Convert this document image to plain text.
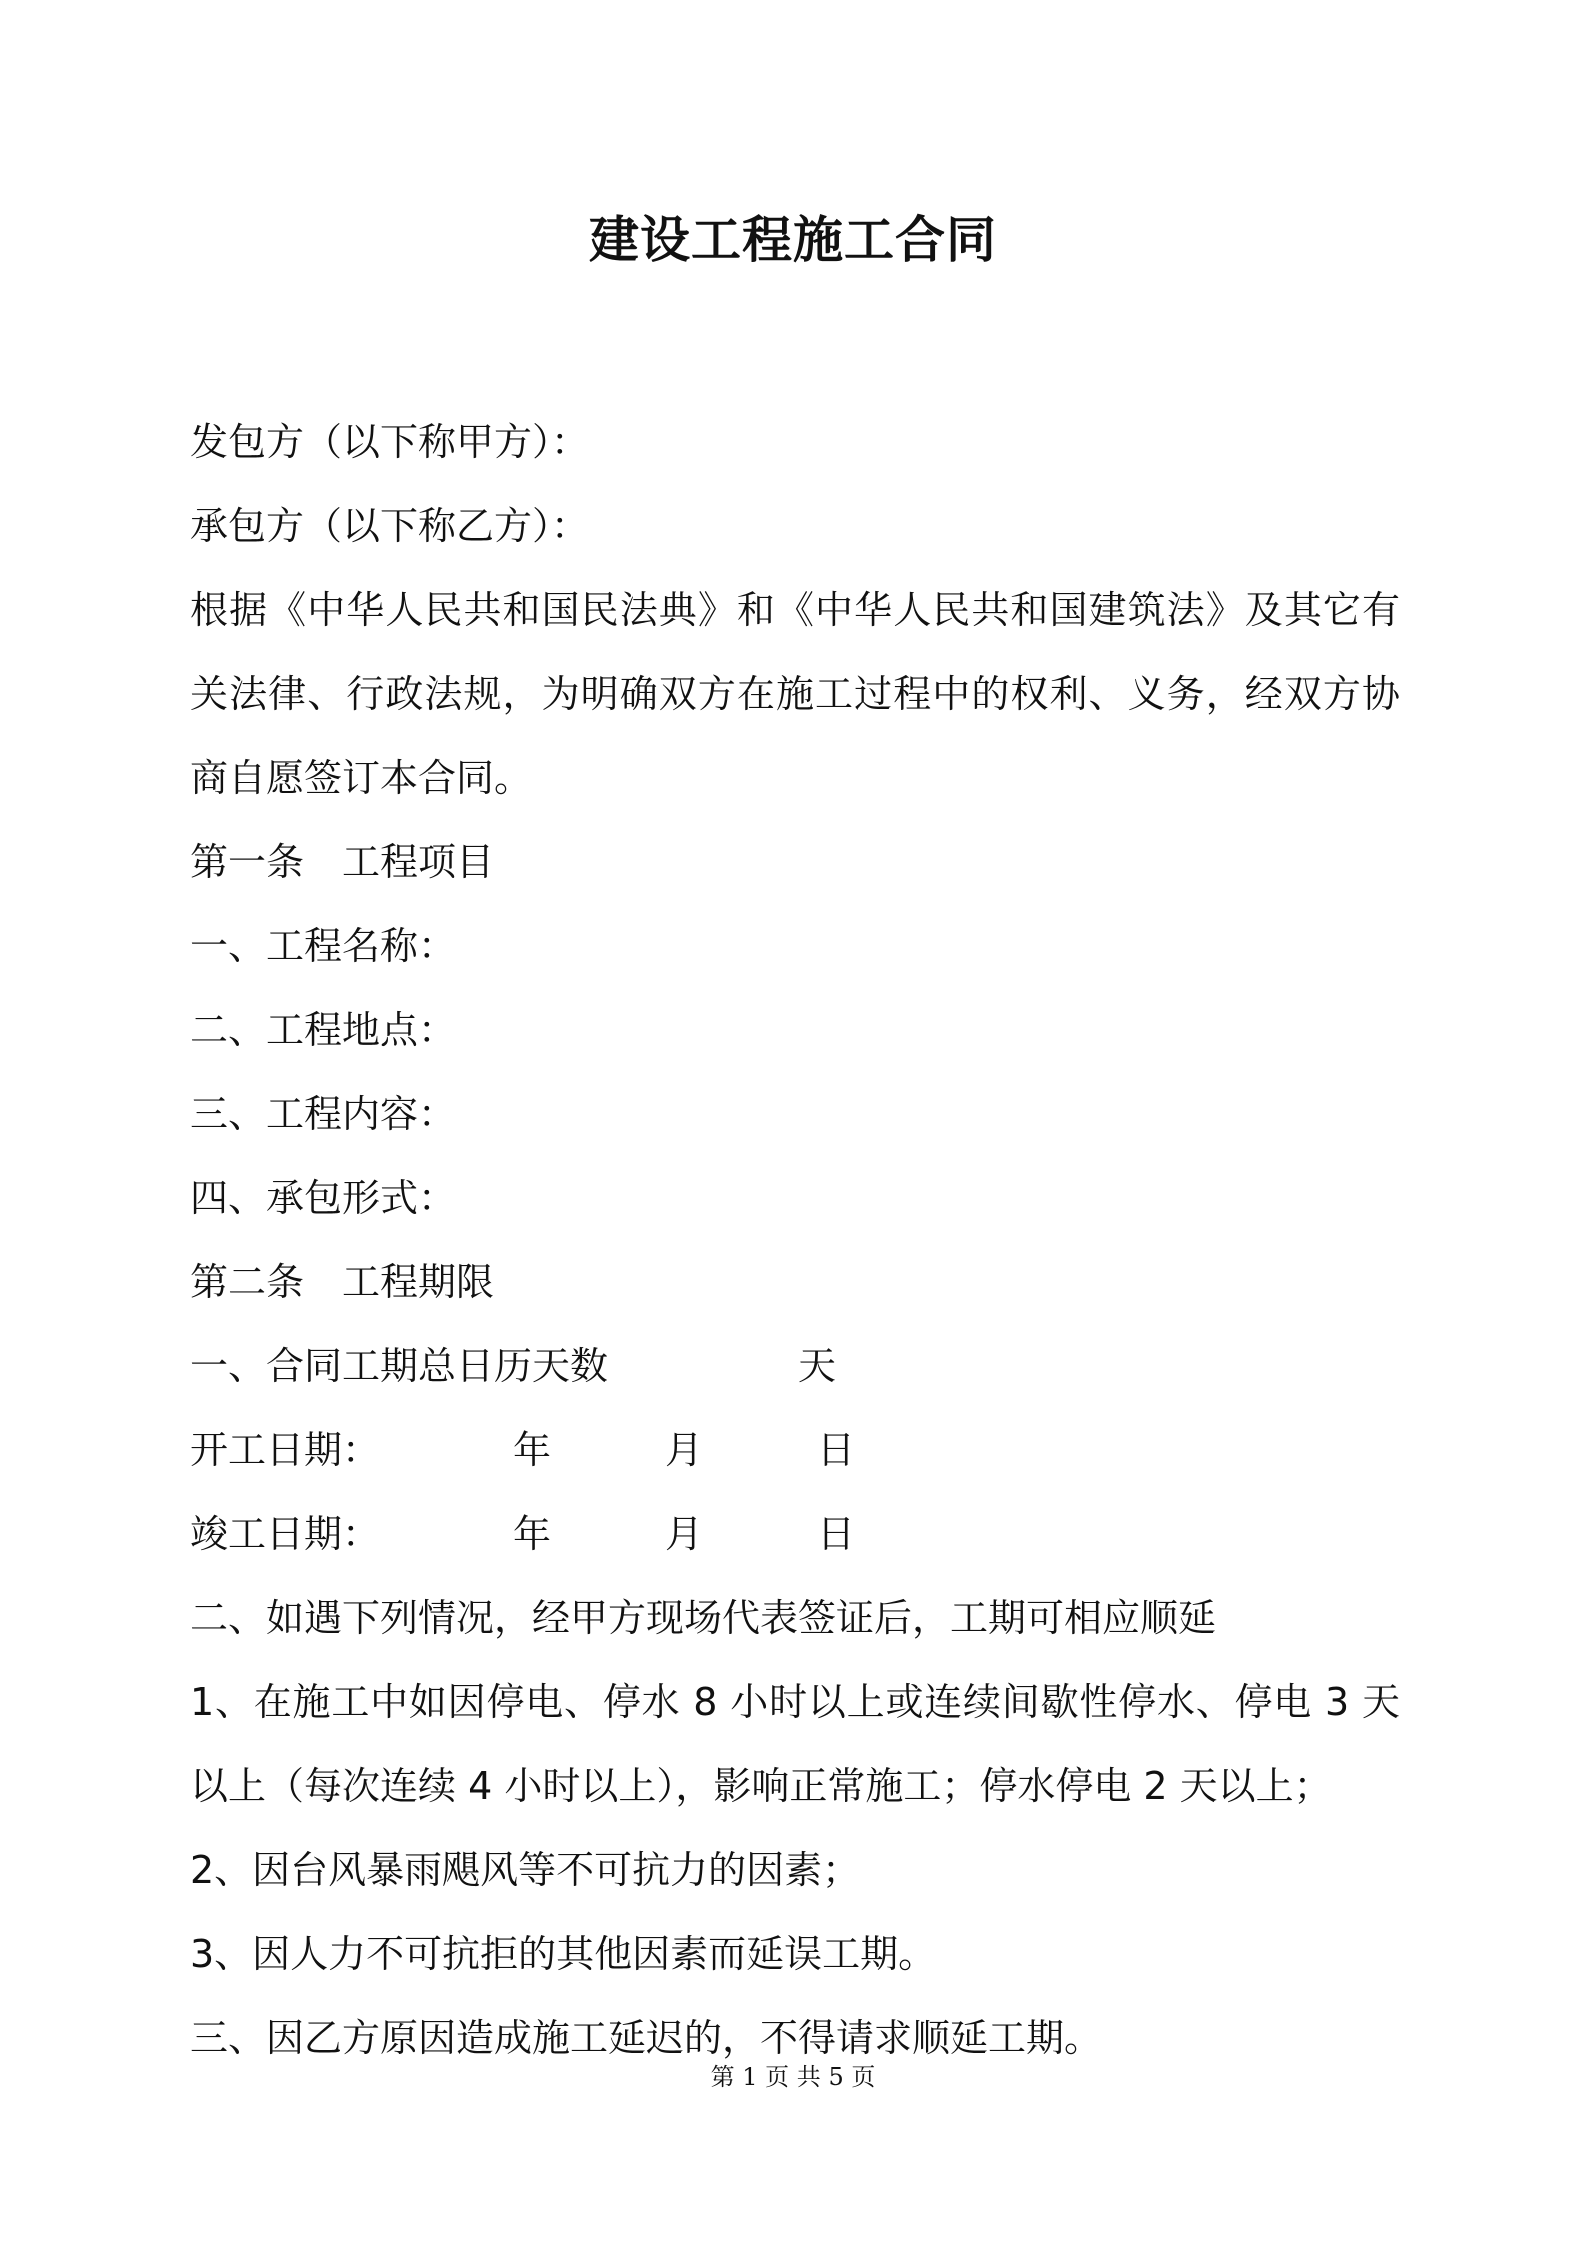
建设工程施工合同
发包方（以下称甲方）：
承包方（以下称乙方）：
根据《中华人民共和国民法典》和《中华人民共和国建筑法》及其它有关法律、行政法规，为明确双方在施工过程中的权利、义务，经双方协商自愿签订本合同。
第一条　工程项目
一、工程名称：
二、工程地点：
三、工程内容：
四、承包形式：
第二条　工程期限
一、合同工期总日历天数　　　　　天
开工日期：　　　　年　　　月　　　日
竣工日期：　　　　年　　　月　　　日
二、如遇下列情况，经甲方现场代表签证后，工期可相应顺延
1、在施工中如因停电、停水 8 小时以上或连续间歇性停水、停电 3 天以上（每次连续 4 小时以上），影响正常施工；停水停电 2 天以上；
2、因台风暴雨飓风等不可抗力的因素；
3、因人力不可抗拒的其他因素而延误工期。
三、因乙方原因造成施工延迟的，不得请求顺延工期。
第 1 页 共 5 页
